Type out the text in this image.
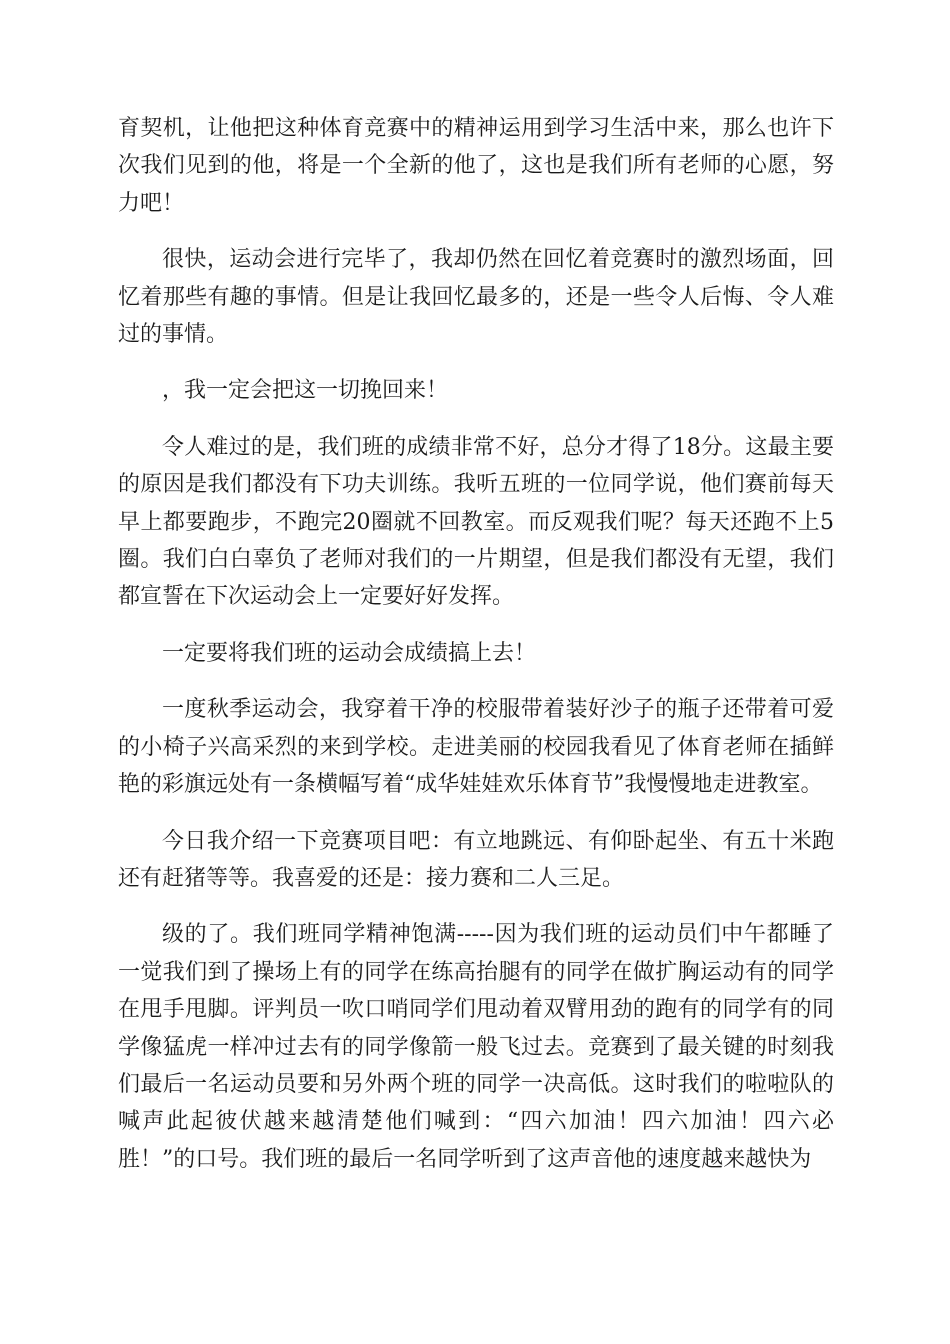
育契机，让他把这种体育竞赛中的精神运用到学习生活中来，那么也许下次我们见到的他，将是一个全新的他了，这也是我们所有老师的心愿，努力吧！

很快，运动会进行完毕了，我却仍然在回忆着竞赛时的激烈场面，回忆着那些有趣的事情。但是让我回忆最多的，还是一些令人后悔、令人难过的事情。

，我一定会把这一切挽回来！

令人难过的是，我们班的成绩非常不好，总分才得了18分。这最主要的原因是我们都没有下功夫训练。我听五班的一位同学说，他们赛前每天早上都要跑步，不跑完20圈就不回教室。而反观我们呢？每天还跑不上5圈。我们白白辜负了老师对我们的一片期望，但是我们都没有无望，我们都宣誓在下次运动会上一定要好好发挥。

一定要将我们班的运动会成绩搞上去！

一度秋季运动会，我穿着干净的校服带着装好沙子的瓶子还带着可爱的小椅子兴高采烈的来到学校。走进美丽的校园我看见了体育老师在插鲜艳的彩旗远处有一条横幅写着“成华娃娃欢乐体育节”我慢慢地走进教室。

今日我介绍一下竞赛项目吧：有立地跳远、有仰卧起坐、有五十米跑还有赶猪等等。我喜爱的还是：接力赛和二人三足。

级的了。我们班同学精神饱满-----因为我们班的运动员们中午都睡了一觉我们到了操场上有的同学在练高抬腿有的同学在做扩胸运动有的同学在甩手甩脚。评判员一吹口哨同学们甩动着双臂用劲的跑有的同学有的同学像猛虎一样冲过去有的同学像箭一般飞过去。竞赛到了最关键的时刻我们最后一名运动员要和另外两个班的同学一决高低。这时我们的啦啦队的喊声此起彼伏越来越清楚他们喊到：“四六加油！四六加油！四六必胜！”的口号。我们班的最后一名同学听到了这声音他的速度越来越快为
